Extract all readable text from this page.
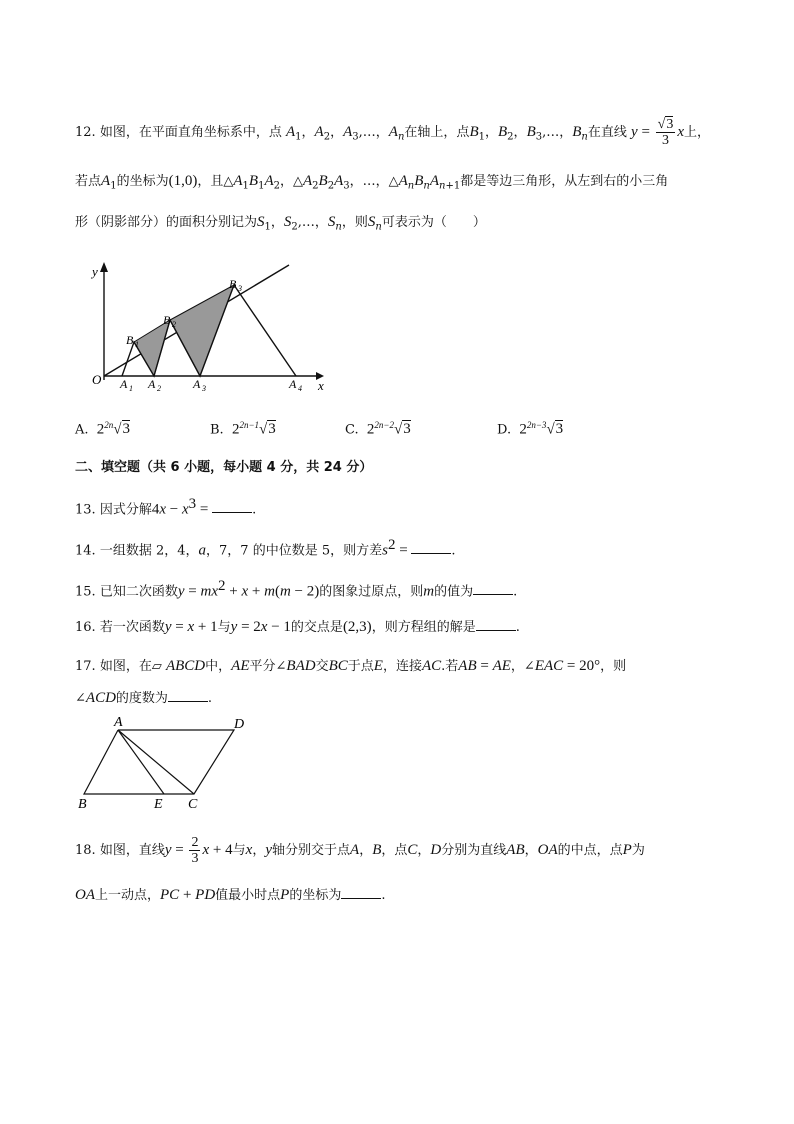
12. 如图，在平面直角坐标系中，点 $A_1$，$A_2$，$A_3,\dots$，$A_n$在轴上，点$B_1$，$B_2$，$B_3,\dots$，$B_n$在直线 $y = \frac{√3}{3}$ x上，
若点$A_1$的坐标为(1,0)，且$\triangle A_1B_1A_2$，$\triangle A_2B_2A_3$，…，$\triangle A_nB_nA_{n+1}$都是等边三角形，从左到右的小三角
形（阴影部分）的面积分别记为$S_1$，$S_2,\dots$，$S_n$，则$S_n$可表示为（　　）
y
x
O A 1 A 2	A 3	A 4
B 1
B 2
B 3
A. $2^{2n}√3$	B. $2^{2n-1}√3$	C. $2^{2n-2}√3$	D. $2^{2n-3}√3$
二、填空题（共 6 小题，每小题 4 分，共 24 分）
13. 因式分解$4x - x^3$ =	.
14. 一组数据 2，4，a，7，7 的中位数是 5，则方差$s^2$ =	.
15. 已知二次函数$y = mx^2 + x + m(m - 2)$的图象过原点，则m的值为	.
16. 若一次函数y = x + 1与y = 2x − 1的交点是(2,3)，则方程组的解是	.
17. 如图，在▱ ABCD中，AE平分∠BAD交BC于点E，连接AC.若AB = AE，∠EAC = 20°，则
∠ACD的度数为	.
A	D
B	E C
18. 如图，直线$y = \frac{2}{3}$ x + 4与x，y轴分别交于点A，B，点C，D分别为直线AB，OA的中点，点P为
OA上一动点，PC + PD值最小时点P的坐标为	.
